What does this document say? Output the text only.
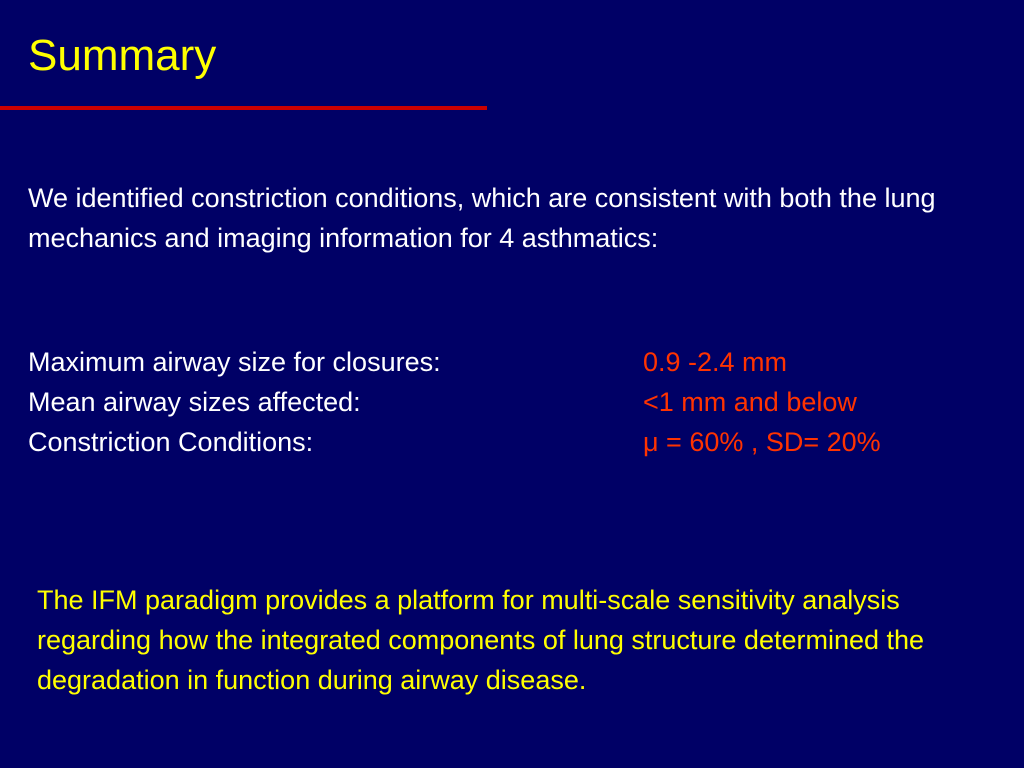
Summary

We identified constriction conditions, which are consistent with both the lung mechanics and imaging information for 4 asthmatics:

Maximum airway size for closures:	0.9 -2.4 mm
Mean airway sizes affected:	<1 mm and below
Constriction Conditions:	μ = 60% , SD= 20%

The IFM paradigm provides a platform for multi-scale sensitivity analysis regarding how the integrated components of lung structure determined the degradation in function during airway disease.
